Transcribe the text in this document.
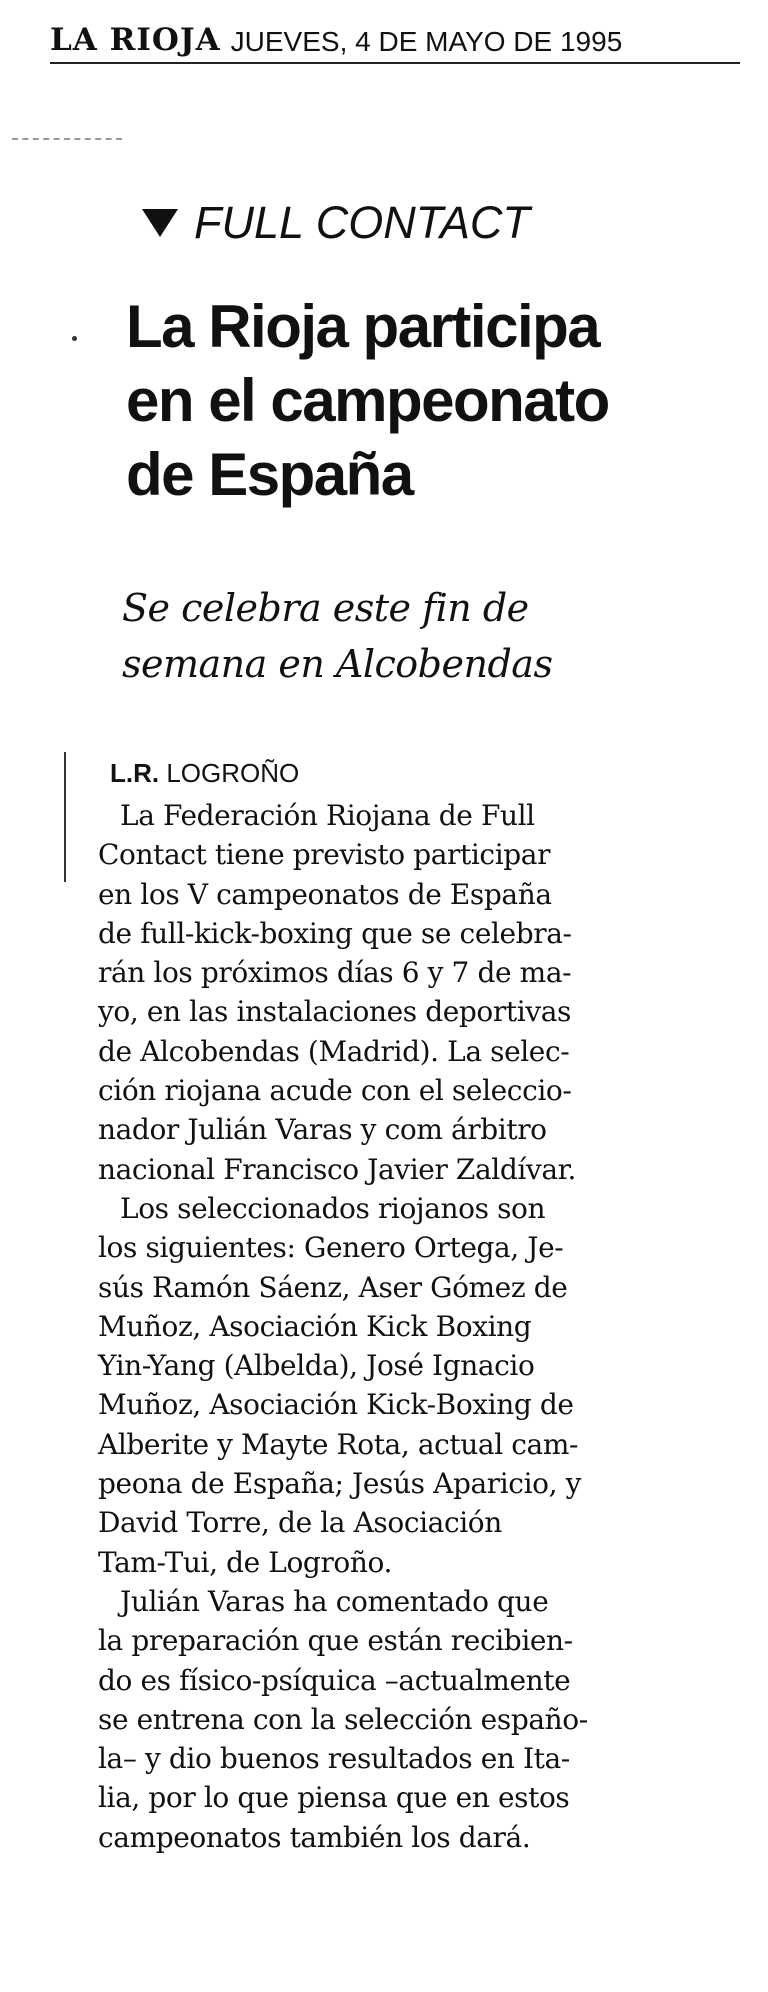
LA RIOJA JUEVES, 4 DE MAYO DE 1995
FULL CONTACT
La Rioja participa
en el campeonato
de España
Se celebra este fin de
semana en Alcobendas
L.R. LOGROÑO
La Federación Riojana de Full
Contact tiene previsto participar
en los V campeonatos de España
de full-kick-boxing que se celebra-
rán los próximos días 6 y 7 de ma-
yo, en las instalaciones deportivas
de Alcobendas (Madrid). La selec-
ción riojana acude con el seleccio-
nador Julián Varas y com árbitro
nacional Francisco Javier Zaldívar.
Los seleccionados riojanos son
los siguientes: Genero Ortega, Je-
sús Ramón Sáenz, Aser Gómez de
Muñoz, Asociación Kick Boxing
Yin-Yang (Albelda), José Ignacio
Muñoz, Asociación Kick-Boxing de
Alberite y Mayte Rota, actual cam-
peona de España; Jesús Aparicio, y
David Torre, de la Asociación
Tam-Tui, de Logroño.
Julián Varas ha comentado que
la preparación que están recibien-
do es físico-psíquica –actualmente
se entrena con la selección españo-
la– y dio buenos resultados en Ita-
lia, por lo que piensa que en estos
campeonatos también los dará.
